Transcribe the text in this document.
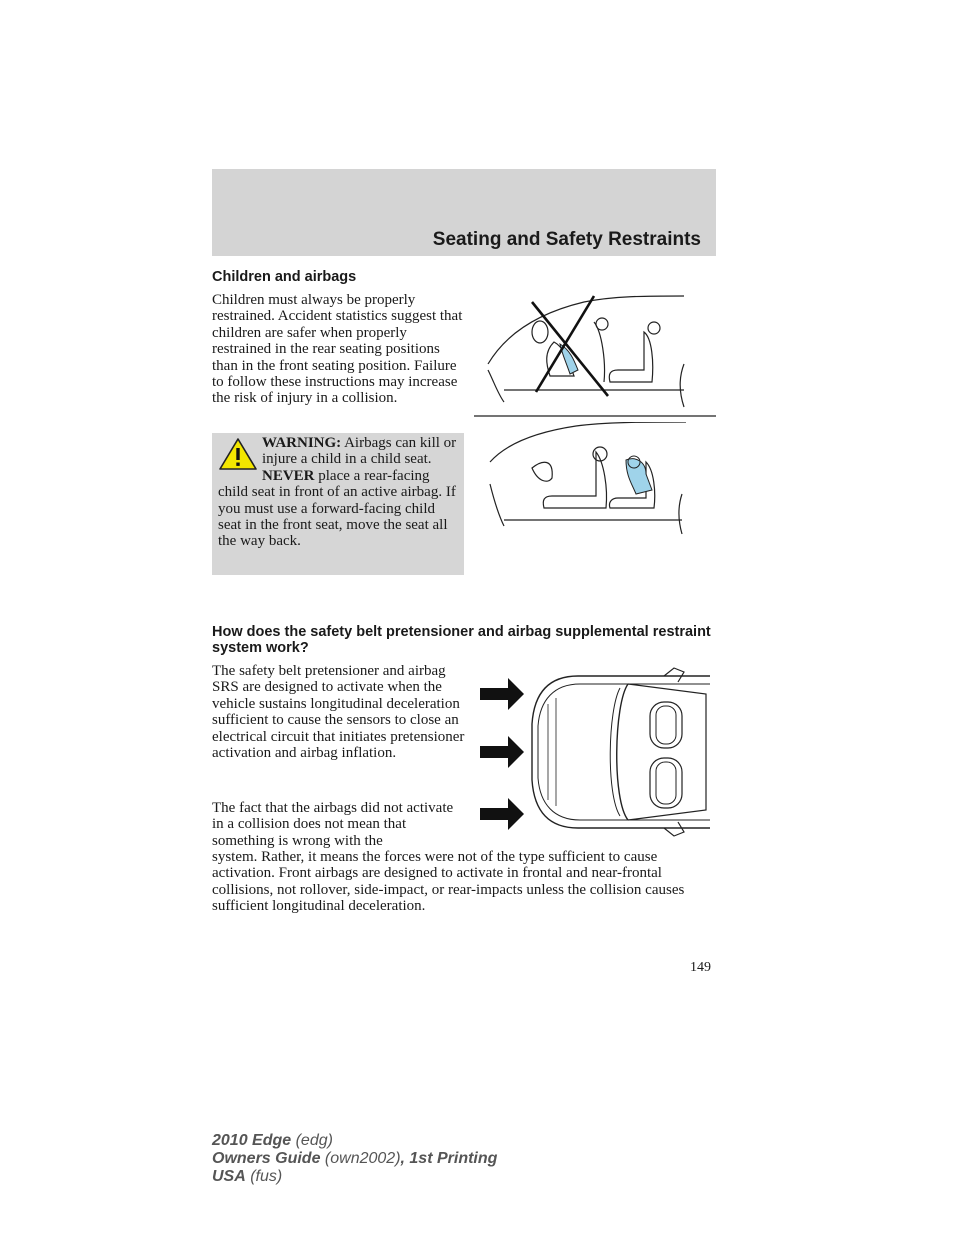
Seating and Safety Restraints
Children and airbags

Children must always be properly restrained. Accident statistics suggest that children are safer when properly restrained in the rear seating positions than in the front seating position. Failure to follow these instructions may increase the risk of injury in a collision.

WARNING: Airbags can kill or injure a child in a child seat. NEVER place a rear-facing child seat in front of an active airbag. If you must use a forward-facing child seat in the front seat, move the seat all the way back.
How does the safety belt pretensioner and airbag supplemental restraint system work?

The safety belt pretensioner and airbag SRS are designed to activate when the vehicle sustains longitudinal deceleration sufficient to cause the sensors to close an electrical circuit that initiates pretensioner activation and airbag inflation.

The fact that the airbags did not activate in a collision does not mean that something is wrong with the

system. Rather, it means the forces were not of the type sufficient to cause activation. Front airbags are designed to activate in frontal and near-frontal collisions, not rollover, side-impact, or rear-impacts unless the collision causes sufficient longitudinal deceleration.

149
2010 Edge (edg)
Owners Guide (own2002), 1st Printing
USA (fus)
